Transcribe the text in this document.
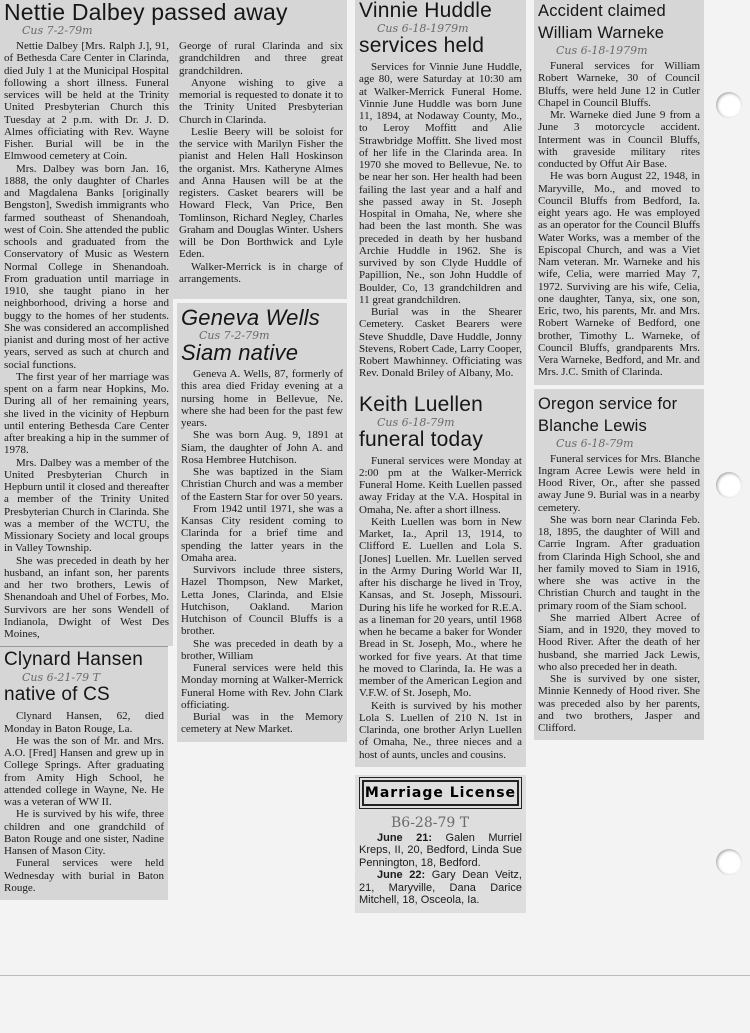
Nettie Dalbey passed away
Cus 7-2-79m

Nettie Dalbey [Mrs. Ralph J.], 91, of Bethesda Care Center in Clarinda, died July 1 at the Municipal Hospital following a short illness. Funeral services will be held at the Trinity United Presbyterian Church this Tuesday at 2 p.m. with Dr. J. D. Almes officiating with Rev. Wayne Fisher. Burial will be in the Elmwood cemetery at Coin.

Mrs. Dalbey was born Jan. 16, 1888, the only daughter of Charles and Magdalena Banks [originally Bengston], Swedish immigrants who farmed southeast of Shenandoah, west of Coin. She attended the public schools and graduated from the Conservatory of Music as Western Normal College in Shenandoah. From graduation until marriage in 1910, she taught piano in her neighborhood, driving a horse and buggy to the homes of her students. She was considered an accomplished pianist and during most of her active years, served as such at church and social functions.

The first year of her marriage was spent on a farm near Hopkins, Mo. During all of her remaining years, she lived in the vicinity of Hepburn until entering Bethesda Care Center after breaking a hip in the summer of 1978.

Mrs. Dalbey was a member of the United Presbyterian Church in Hepburn until it closed and thereafter a member of the Trinity United Presbyterian Church in Clarinda. She was a member of the WCTU, the Missionary Society and local groups in Valley Township.

She was preceded in death by her husband, an infant son, her parents and her two brothers, Lewis of Shenandoah and Uhel of Forbes, Mo. Survivors are her sons Wendell of Indianola, Dwight of West Des Moines,

Clynard Hansen
Cus 6-21-79 T
native of CS

Clynard Hansen, 62, died Monday in Baton Rouge, La.

He was the son of Mr. and Mrs. A.O. [Fred] Hansen and grew up in College Springs. After graduating from Amity High School, he attended college in Wayne, Ne. He was a veteran of WW II.

He is survived by his wife, three children and one grandchild of Baton Rouge and one sister, Nadine Hansen of Mason City.

Funeral services were held Wednesday with burial in Baton Rouge.

George of rural Clarinda and six grandchildren and three great grandchildren.

Anyone wishing to give a memorial is requested to donate it to the Trinity United Presbyterian Church in Clarinda.

Leslie Beery will be soloist for the service with Marilyn Fisher the pianist and Helen Hall Hoskinson the organist. Mrs. Katheryne Almes and Anna Hausen will be at the registers. Casket bearers will be Howard Fleck, Van Price, Ben Tomlinson, Richard Negley, Charles Graham and Douglas Winter. Ushers will be Don Borthwick and Lyle Eden.

Walker-Merrick is in charge of arrangements.

Geneva Wells
Cus 7-2-79m
Siam native

Geneva A. Wells, 87, formerly of this area died Friday evening at a nursing home in Bellevue, Ne. where she had been for the past few years.

She was born Aug. 9, 1891 at Siam, the daughter of John A. and Rosa Hembree Hutchison.

She was baptized in the Siam Christian Church and was a member of the Eastern Star for over 50 years.

From 1942 until 1971, she was a Kansas City resident coming to Clarinda for a brief time and spending the latter years in the Omaha area.

Survivors include three sisters, Hazel Thompson, New Market, Letta Jones, Clarinda, and Elsie Hutchison, Oakland. Marion Hutchison of Council Bluffs is a brother.

She was preceded in death by a brother, William

Funeral services were held this Monday morning at Walker-Merrick Funeral Home with Rev. John Clark officiating.

Burial was in the Memory cemetery at New Market.

Vinnie Huddle
Cus 6-18-1979m
services held

Services for Vinnie June Huddle, age 80, were Saturday at 10:30 am at Walker-Merrick Funeral Home. Vinnie June Huddle was born June 11, 1894, at Nodaway County, Mo., to Leroy Moffitt and Alie Strawbridge Moffitt. She lived most of her life in the Clarinda area. In 1970 she moved to Bellevue, Ne. to be near her son. Her health had been failing the last year and a half and she passed away in St. Joseph Hospital in Omaha, Ne, where she had been the last month. She was preceded in death by her husband Archie Huddle in 1962. She is survived by son Clyde Huddle of Papillion, Ne., son John Huddle of Boulder, Co, 13 grandchildren and 11 great grandchildren.

Burial was in the Shearer Cemetery. Casket Bearers were Steve Shuddle, Dave Huddle, Jonny Stevens, Robert Cade, Larry Cooper, Robert Mawhinney. Officiating was Rev. Donald Briley of Albany, Mo.

Keith Luellen
Cus 6-18-79m
funeral today

Funeral services were Monday at 2:00 pm at the Walker-Merrick Funeral Home. Keith Luellen passed away Friday at the V.A. Hospital in Omaha, Ne. after a short illness.

Keith Luellen was born in New Market, Ia., April 13, 1914, to Clifford E. Luellen and Lola S. [Jones] Luellen. Mr. Luellen served in the Army During World War II, after his discharge he lived in Troy, Kansas, and St. Joseph, Missouri. During his life he worked for R.E.A. as a lineman for 20 years, until 1968 when he became a baker for Wonder Bread in St. Joseph, Mo., where he worked for five years. At that time he moved to Clarinda, Ia. He was a member of the American Legion and V.F.W. of St. Joseph, Mo.

Keith is survived by his mother Lola S. Luellen of 210 N. 1st in Clarinda, one brother Arlyn Luellen of Omaha, Ne., three nieces and a host of aunts, uncles and cousins.

Marriage License
B6-28-79 T

June 21: Galen Murriel Kreps, II, 20, Bedford, Linda Sue Pennington, 18, Bedford.

June 22: Gary Dean Veitz, 21, Maryville, Dana Darice Mitchell, 18, Osceola, Ia.

Accident claimed
William Warneke
Cus 6-18-1979m

Funeral services for William Robert Warneke, 30 of Council Bluffs, were held June 12 in Cutler Chapel in Council Bluffs.

Mr. Warneke died June 9 from a June 3 motorcycle accident. Interment was in Council Bluffs, with graveside military rites conducted by Offut Air Base.

He was born August 22, 1948, in Maryville, Mo., and moved to Council Bluffs from Bedford, Ia. eight years ago. He was employed as an operator for the Council Bluffs Water Works, was a member of the Episcopal Church, and was a Viet Nam veteran. Mr. Warneke and his wife, Celia, were married May 7, 1972. Surviving are his wife, Celia, one daughter, Tanya, six, one son, Eric, two, his parents, Mr. and Mrs. Robert Warneke of Bedford, one brother, Timothy L. Warneke, of Council Bluffs, grandparents Mrs. Vera Warneke, Bedford, and Mr. and Mrs. J.C. Smith of Clarinda.

Oregon service for
Blanche Lewis
Cus 6-18-79m

Funeral services for Mrs. Blanche Ingram Acree Lewis were held in Hood River, Or., after she passed away June 9. Burial was in a nearby cemetery.

She was born near Clarinda Feb. 18, 1895, the daughter of Will and Carrie Ingram. After graduation from Clarinda High School, she and her family moved to Siam in 1916, where she was active in the Christian Church and taught in the primary room of the Siam school.

She married Albert Acree of Siam, and in 1920, they moved to Hood River. After the death of her husband, she married Jack Lewis, who also preceded her in death.

She is survived by one sister, Minnie Kennedy of Hood river. She was preceded also by her parents, and two brothers, Jasper and Clifford.
